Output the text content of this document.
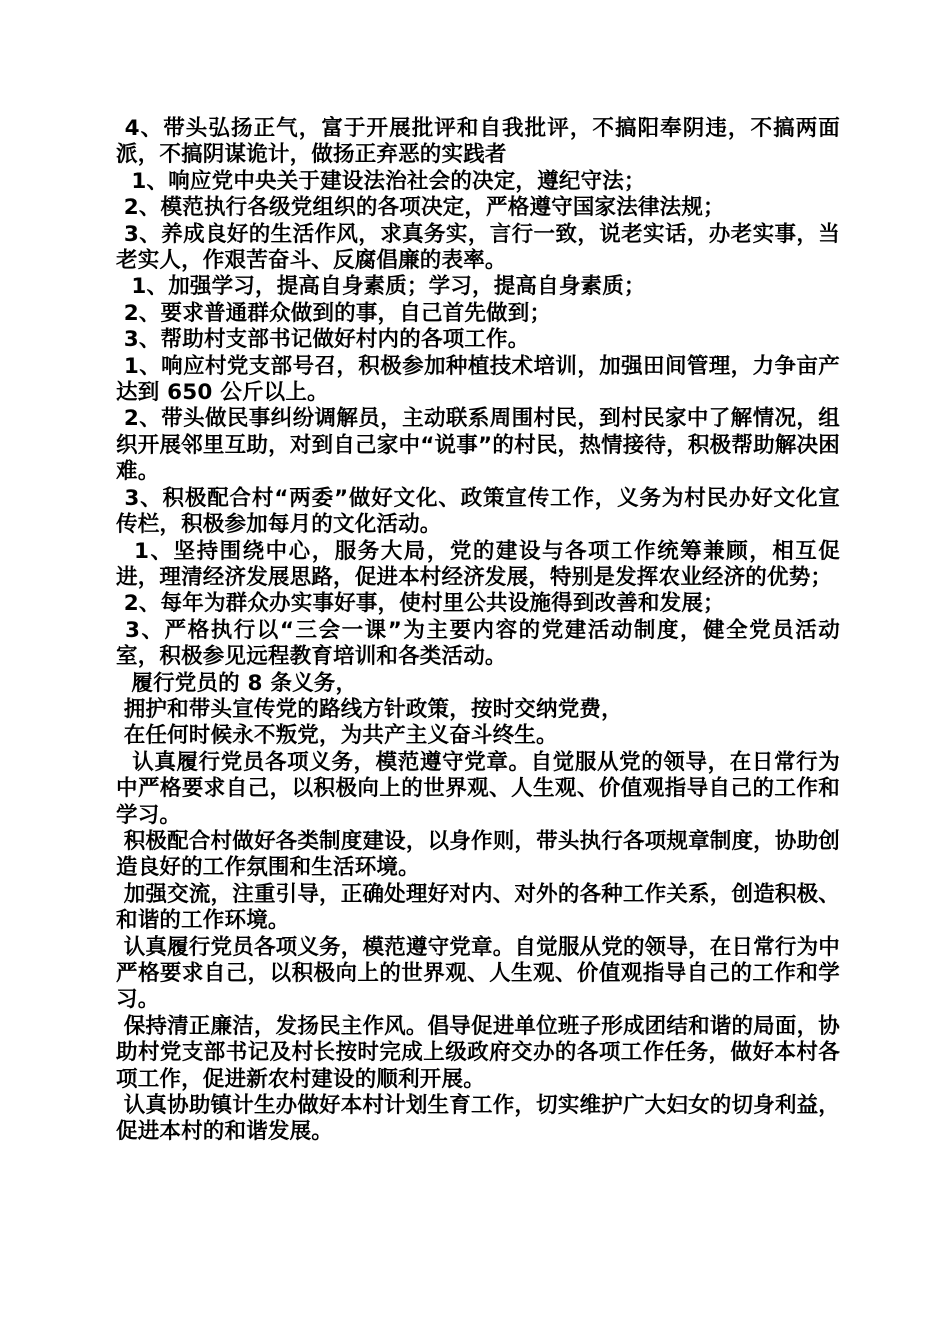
4、带头弘扬正气，富于开展批评和自我批评，不搞阳奉阴违，不搞两面派，不搞阴谋诡计，做扬正弃恶的实践者

1、响应党中央关于建设法治社会的决定，遵纪守法；

2、模范执行各级党组织的各项决定，严格遵守国家法律法规；

3、养成良好的生活作风，求真务实，言行一致，说老实话，办老实事，当老实人，作艰苦奋斗、反腐倡廉的表率。

1、加强学习，提高自身素质；学习，提高自身素质；

2、要求普通群众做到的事，自己首先做到；

3、帮助村支部书记做好村内的各项工作。

1、响应村党支部号召，积极参加种植技术培训，加强田间管理，力争亩产达到 650 公斤以上。

2、带头做民事纠纷调解员，主动联系周围村民，到村民家中了解情况，组织开展邻里互助，对到自己家中“说事”的村民，热情接待，积极帮助解决困难。

3、积极配合村“两委”做好文化、政策宣传工作，义务为村民办好文化宣传栏，积极参加每月的文化活动。

1、坚持围绕中心，服务大局，党的建设与各项工作统筹兼顾，相互促进，理清经济发展思路，促进本村经济发展，特别是发挥农业经济的优势；

2、每年为群众办实事好事，使村里公共设施得到改善和发展；

3、严格执行以“三会一课”为主要内容的党建活动制度，健全党员活动室，积极参见远程教育培训和各类活动。

履行党员的 8 条义务，

拥护和带头宣传党的路线方针政策，按时交纳党费，

在任何时候永不叛党，为共产主义奋斗终生。

认真履行党员各项义务，模范遵守党章。自觉服从党的领导，在日常行为中严格要求自己，以积极向上的世界观、人生观、价值观指导自己的工作和学习。

积极配合村做好各类制度建设，以身作则，带头执行各项规章制度，协助创造良好的工作氛围和生活环境。

加强交流，注重引导，正确处理好对内、对外的各种工作关系，创造积极、和谐的工作环境。

认真履行党员各项义务，模范遵守党章。自觉服从党的领导，在日常行为中严格要求自己，以积极向上的世界观、人生观、价值观指导自己的工作和学习。

保持清正廉洁，发扬民主作风。倡导促进单位班子形成团结和谐的局面，协助村党支部书记及村长按时完成上级政府交办的各项工作任务，做好本村各项工作，促进新农村建设的顺利开展。

认真协助镇计生办做好本村计划生育工作，切实维护广大妇女的切身利益， 促进本村的和谐发展。
